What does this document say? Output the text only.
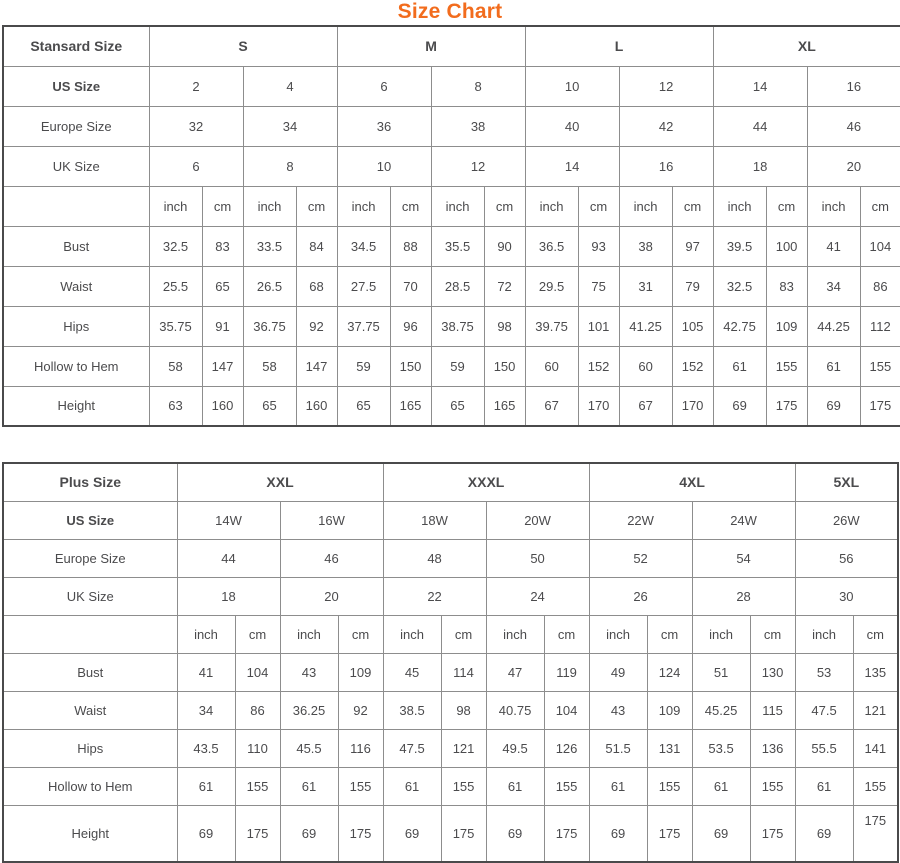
Size Chart
Stansard Size	S				M				L				XL			
US Size	2		4		6		8		10		12		14		16	
Europe Size	32		34		36		38		40		42		44		46	
UK Size	6		8		10		12		14		16		18		20	
	inch	cm	inch	cm	inch	cm	inch	cm	inch	cm	inch	cm	inch	cm	inch	cm
Bust	32.5	83	33.5	84	34.5	88	35.5	90	36.5	93	38	97	39.5	100	41	104
Waist	25.5	65	26.5	68	27.5	70	28.5	72	29.5	75	31	79	32.5	83	34	86
Hips	35.75	91	36.75	92	37.75	96	38.75	98	39.75	101	41.25	105	42.75	109	44.25	112
Hollow to Hem	58	147	58	147	59	150	59	150	60	152	60	152	61	155	61	155
Height	63	160	65	160	65	165	65	165	67	170	67	170	69	175	69	175
Plus Size	XXL				XXXL				4XL				5XL	
US Size	14W		16W		18W		20W		22W		24W		26W	
Europe Size	44		46		48		50		52		54		56	
UK Size	18		20		22		24		26		28		30	
	inch	cm	inch	cm	inch	cm	inch	cm	inch	cm	inch	cm	inch	cm
Bust	41	104	43	109	45	114	47	119	49	124	51	130	53	135
Waist	34	86	36.25	92	38.5	98	40.75	104	43	109	45.25	115	47.5	121
Hips	43.5	110	45.5	116	47.5	121	49.5	126	51.5	131	53.5	136	55.5	141
Hollow to Hem	61	155	61	155	61	155	61	155	61	155	61	155	61	155
Height	69	175	69	175	69	175	69	175	69	175	69	175	69	175
